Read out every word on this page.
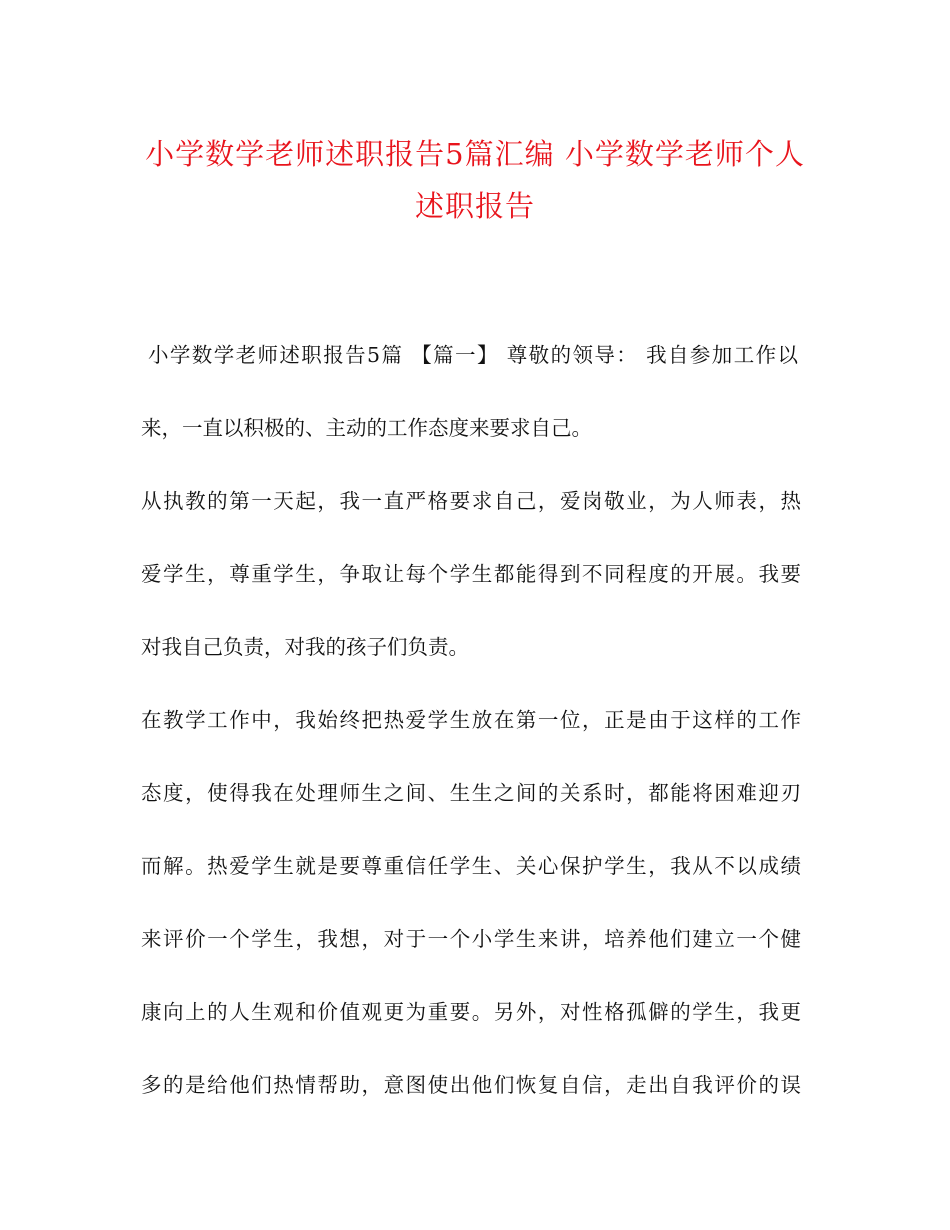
小学数学老师述职报告5篇汇编 小学数学老师个人述职报告

小学数学老师述职报告5篇 【篇一】 尊敬的领导： 我自参加工作以

来，一直以积极的、主动的工作态度来要求自己。

从执教的第一天起，我一直严格要求自己，爱岗敬业，为人师表，热

爱学生，尊重学生，争取让每个学生都能得到不同程度的开展。我要

对我自己负责，对我的孩子们负责。

在教学工作中，我始终把热爱学生放在第一位，正是由于这样的工作

态度，使得我在处理师生之间、生生之间的关系时，都能将困难迎刃

而解。热爱学生就是要尊重信任学生、关心保护学生，我从不以成绩

来评价一个学生，我想，对于一个小学生来讲，培养他们建立一个健

康向上的人生观和价值观更为重要。另外，对性格孤僻的学生，我更

多的是给他们热情帮助，意图使出他们恢复自信，走出自我评价的误
